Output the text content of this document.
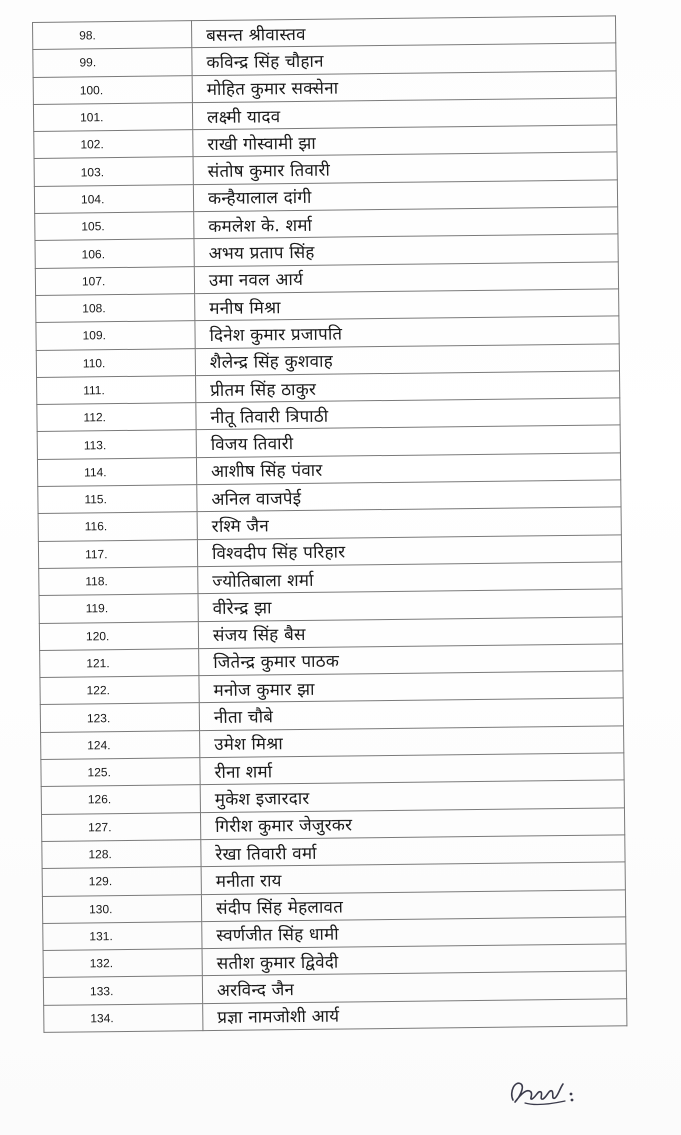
98.	बसन्त श्रीवास्तव
99.	कविन्द्र सिंह चौहान
100.	मोहित कुमार सक्सेना
101.	लक्ष्मी यादव
102.	राखी गोस्वामी झा
103.	संतोष कुमार तिवारी
104.	कन्हैयालाल दांगी
105.	कमलेश के. शर्मा
106.	अभय प्रताप सिंह
107.	उमा नवल आर्य
108.	मनीष मिश्रा
109.	दिनेश कुमार प्रजापति
110.	शैलेन्द्र सिंह कुशवाह
111.	प्रीतम सिंह ठाकुर
112.	नीतू तिवारी त्रिपाठी
113.	विजय तिवारी
114.	आशीष सिंह पंवार
115.	अनिल वाजपेई
116.	रश्मि जैन
117.	विश्वदीप सिंह परिहार
118.	ज्योतिबाला शर्मा
119.	वीरेन्द्र झा
120.	संजय सिंह बैस
121.	जितेन्द्र कुमार पाठक
122.	मनोज कुमार झा
123.	नीता चौबे
124.	उमेश मिश्रा
125.	रीना शर्मा
126.	मुकेश इजारदार
127.	गिरीश कुमार जेजुरकर
128.	रेखा तिवारी वर्मा
129.	मनीता राय
130.	संदीप सिंह मेहलावत
131.	स्वर्णजीत सिंह धामी
132.	सतीश कुमार द्विवेदी
133.	अरविन्द जैन
134.	प्रज्ञा नामजोशी आर्य
